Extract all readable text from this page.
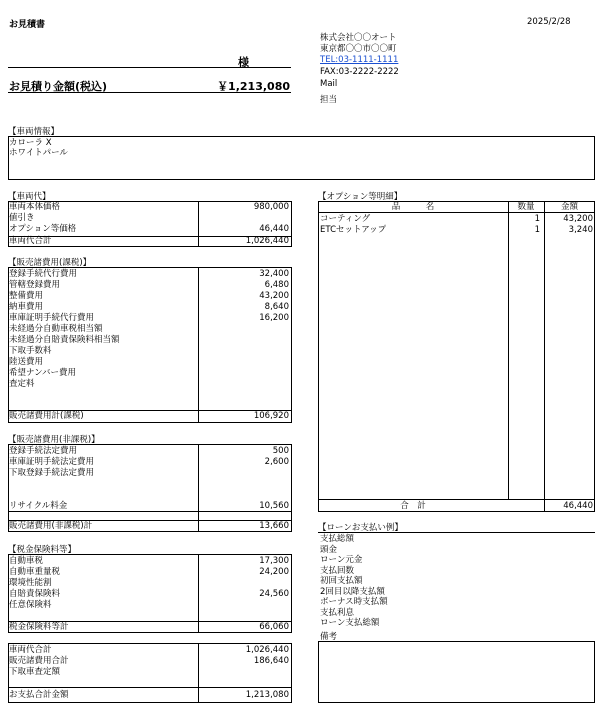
お見積書	2025/2/28
様
お見積り金額(税込)	￥1,213,080
株式会社〇〇オート
東京都〇〇市〇〇町
TEL:03-1111-1111
FAX:03-2222-2222
Mail
担当
【車両情報】
カローラ X
ホワイトパール
【車両代】
車両本体価格	980,000
値引き
オプション等価格	46,440
車両代合計	1,026,440
【販売諸費用(課税)】
登録手続代行費用	32,400
管轄登録費用	6,480
整備費用	43,200
納車費用	8,640
車庫証明手続代行費用	16,200
未経過分自動車税相当額
未経過分自賠責保険料相当額
下取手数料
陸送費用
希望ナンバー費用
査定料
販売諸費用計(課税)	106,920
【販売諸費用(非課税)】
登録手続法定費用	500
車庫証明手続法定費用	2,600
下取登録手続法定費用
リサイクル料金	10,560
販売諸費用(非課税)計	13,660
【税金保険料等】
自動車税	17,300
自動車重量税	24,200
環境性能割
自賠責保険料	24,560
任意保険料
税金保険料等計	66,060
車両代合計	1,026,440
販売諸費用合計	186,640
下取車査定額
お支払合計金額	1,213,080
【オプション等明細】
品　　　名	数量	金額
コーティング	1	43,200
ETCセットアップ	1	3,240
合　計	46,440
【ローンお支払い例】
支払総額
頭金
ローン元金
支払回数
初回支払額
2回目以降支払額
ボーナス時支払額
支払利息
ローン支払総額
備考
